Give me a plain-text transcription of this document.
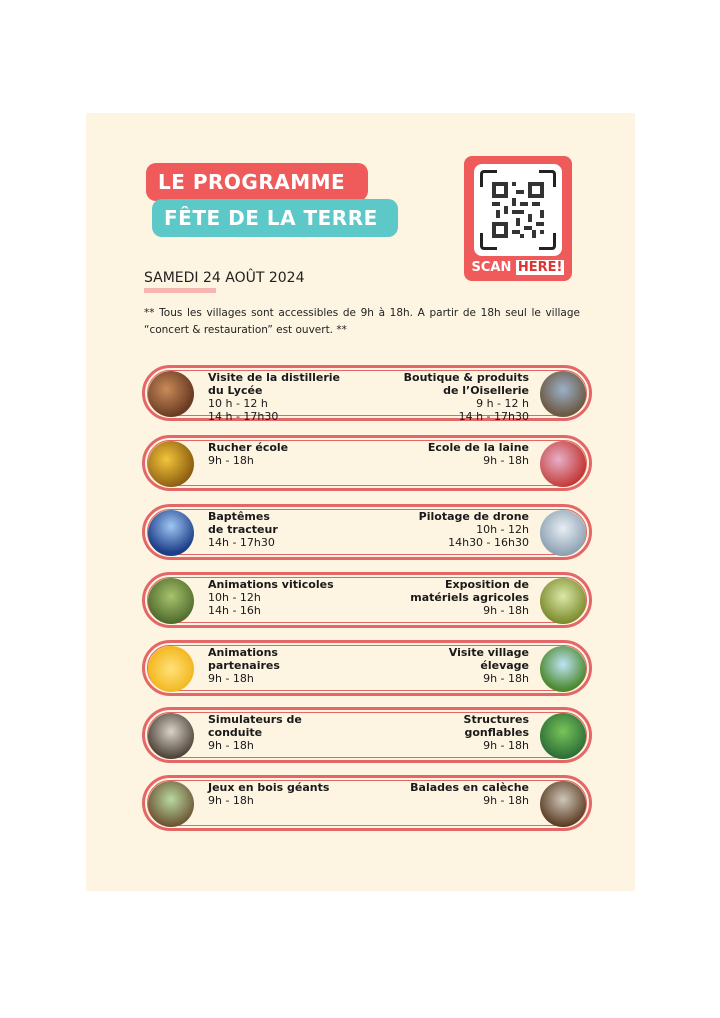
LE PROGRAMME
FÊTE DE LA TERRE
SCAN HERE!
SAMEDI 24 AOÛT 2024
** Tous les villages sont accessibles de 9h à 18h. A partir de 18h seul le village “concert & restauration” est ouvert. **
Visite de la distillerie
du Lycée
10 h - 12 h
14 h - 17h30
Boutique & produits
de l’Oisellerie
9 h - 12 h
14 h - 17h30
Rucher école
9h - 18h
Ecole de la laine
9h - 18h
Baptêmes
de tracteur
14h - 17h30
Pilotage de drone
10h - 12h
14h30 - 16h30
Animations viticoles
10h - 12h
14h - 16h
Exposition de
matériels agricoles
9h - 18h
Animations
partenaires
9h - 18h
Visite village
élevage
9h - 18h
Simulateurs de
conduite
9h - 18h
Structures
gonflables
9h - 18h
Jeux en bois géants
9h - 18h
Balades en calèche
9h - 18h
